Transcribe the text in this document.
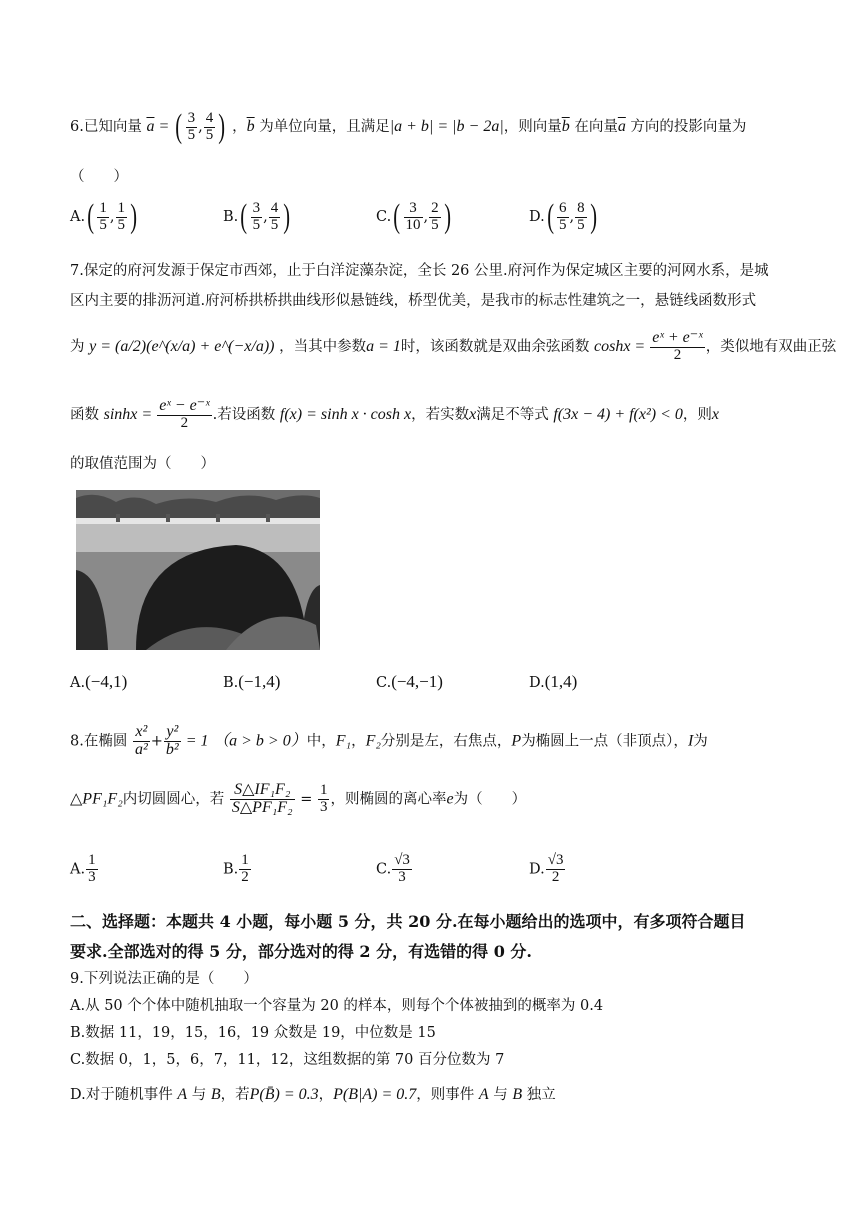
6.已知向量 $\overline{a}$ = ( $\frac{3}{5}$ , $\frac{4}{5}$ ) ，$\overline{b}$ 为单位向量，且满足|a + b| = |b − 2a|，则向量$\overline{b}$ 在向量$\overline{a}$ 方向的投影向量为
（　　）
$A.( \frac{1}{5}$ , $\frac{1}{5}$ )	$B.( \frac{3}{5}$ , $\frac{4}{5}$ )	$C.( \frac{3}{10}$ , $\frac{2}{5}$ )	$D.( \frac{6}{5}$ , $\frac{8}{5}$ )
7.保定的府河发源于保定市西郊，止于白洋淀藻杂淀，全长 26 公里.府河作为保定城区主要的河网水系，是城
区内主要的排沥河道.府河桥拱桥拱曲线形似悬链线，桥型优美，是我市的标志性建筑之一，悬链线函数形式
为 y = (a/2)(e^(x/a) + e^(−x/a)) ，当其中参数a = 1时，该函数就是双曲余弦函数 $\cosh x = \frac{\text{eˣ + e⁻ˣ}}{2}$ ，类似地有双曲正弦
函数 $\sinh x = \frac{\text{eˣ − e⁻ˣ}}{2}$ .若设函数 f(x) = sinh x · cosh x，若实数x满足不等式 f(3x − 4) + f(x²) < 0，则x
的取值范围为（　　）
A.(−4,1)	B.(−1,4)	C.(−4,−1)	D.(1,4)
8.在椭圆 $\frac{\text{x²}}{\text{a²}} + \frac{\text{y²}}{\text{b²}} = 1$ （a > b > 0）中，F₁，F₂分别是左，右焦点，P为椭圆上一点（非顶点），I为
△PF₁F₂内切圆圆心，若 $\frac{\text{S△IF₁F₂}}{\text{S△PF₁F₂}} = \frac{1}{3}$ ，则椭圆的离心率e为（　　）
A. $\frac{1}{3}$	B. $\frac{1}{2}$	C. $\frac{√3}{3}$	D. $\frac{√3}{2}$
二、选择题：本题共 4 小题，每小题 5 分，共 20 分.在每小题给出的选项中，有多项符合题目
要求.全部选对的得 5 分，部分选对的得 2 分，有选错的得 0 分.
9.下列说法正确的是（　　）
A.从 50 个个体中随机抽取一个容量为 20 的样本，则每个个体被抽到的概率为 0.4
B.数据 11，19，15，16，19 众数是 19，中位数是 15
C.数据 0，1，5，6，7，11，12，这组数据的第 70 百分位数为 7
D.对于随机事件 A 与 B，若P(B̄) = 0.3，P(B|A) = 0.7，则事件 A 与 B 独立
